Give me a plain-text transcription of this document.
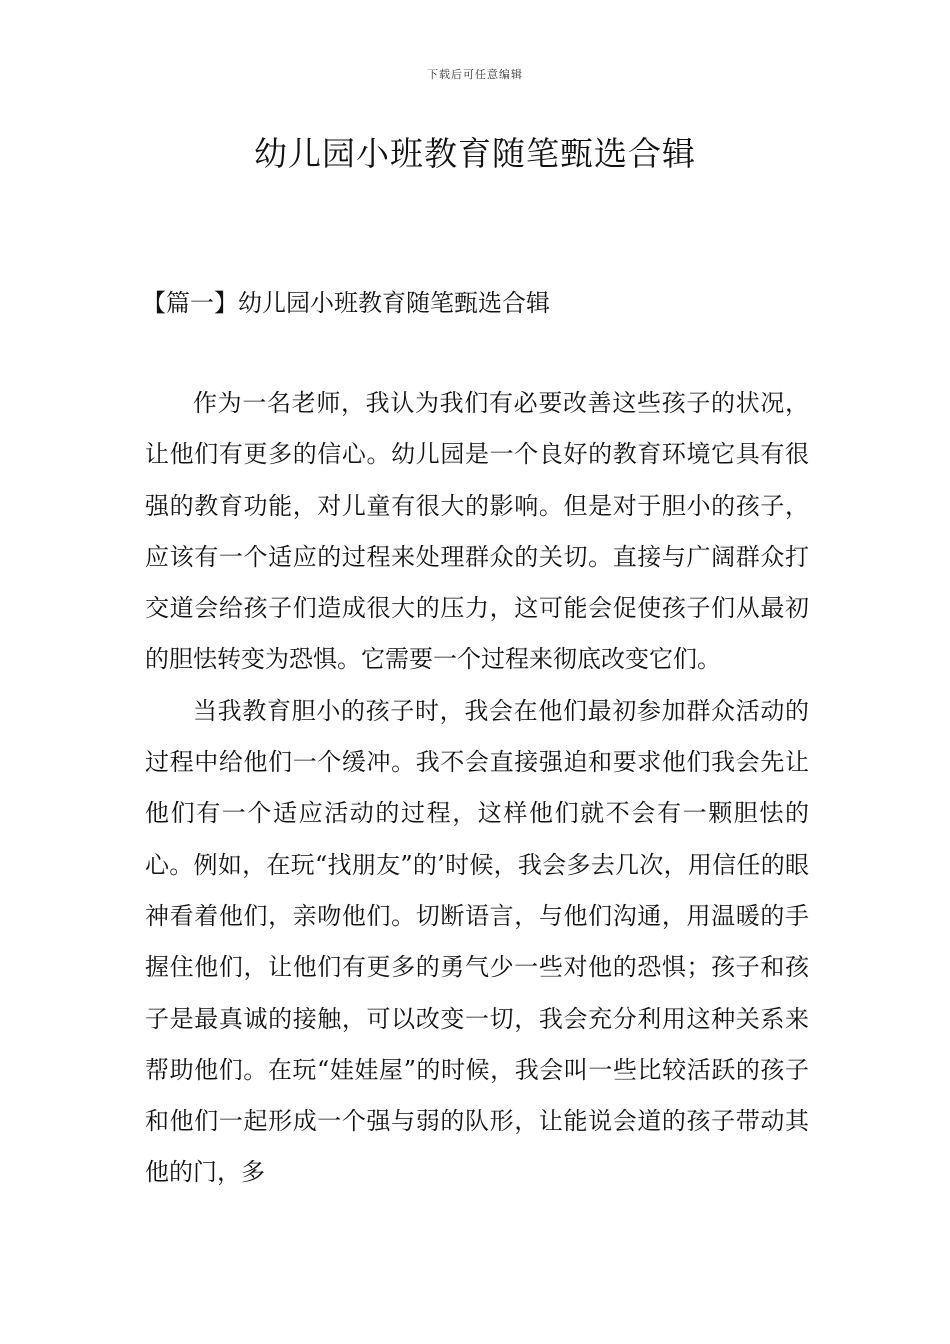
下载后可任意编辑
幼儿园小班教育随笔甄选合辑
【篇一】幼儿园小班教育随笔甄选合辑

作为一名老师，我认为我们有必要改善这些孩子的状况，让他们有更多的信心。幼儿园是一个良好的教育环境它具有很强的教育功能，对儿童有很大的影响。但是对于胆小的孩子，应该有一个适应的过程来处理群众的关切。直接与广阔群众打交道会给孩子们造成很大的压力，这可能会促使孩子们从最初的胆怯转变为恐惧。它需要一个过程来彻底改变它们。

当我教育胆小的孩子时，我会在他们最初参加群众活动的过程中给他们一个缓冲。我不会直接强迫和要求他们我会先让他们有一个适应活动的过程，这样他们就不会有一颗胆怯的心。例如，在玩“找朋友”的’时候，我会多去几次，用信任的眼神看着他们，亲吻他们。切断语言，与他们沟通，用温暖的手握住他们，让他们有更多的勇气少一些对他的恐惧；孩子和孩子是最真诚的接触，可以改变一切，我会充分利用这种关系来帮助他们。在玩“娃娃屋”的时候，我会叫一些比较活跃的孩子和他们一起形成一个强与弱的队形，让能说会道的孩子带动其他的门，多
